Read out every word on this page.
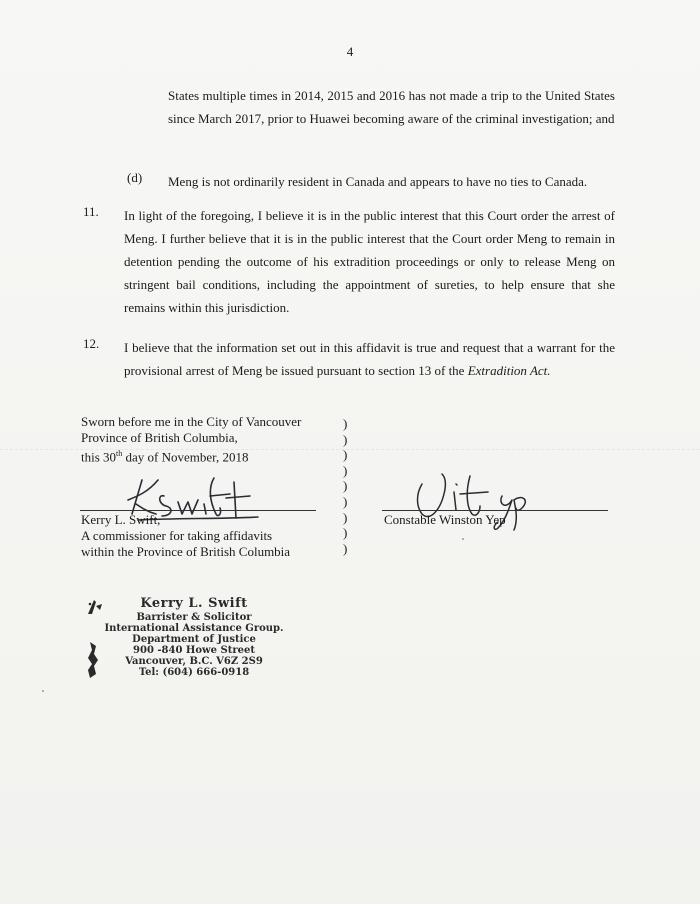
4
States multiple times in 2014, 2015 and 2016 has not made a trip to the United States since March 2017, prior to Huawei becoming aware of the criminal investigation; and
(d) Meng is not ordinarily resident in Canada and appears to have no ties to Canada.
11. In light of the foregoing, I believe it is in the public interest that this Court order the arrest of Meng. I further believe that it is in the public interest that the Court order Meng to remain in detention pending the outcome of his extradition proceedings or only to release Meng on stringent bail conditions, including the appointment of sureties, to help ensure that she remains within this jurisdiction.
12. I believe that the information set out in this affidavit is true and request that a warrant for the provisional arrest of Meng be issued pursuant to section 13 of the Extradition Act.
Sworn before me in the City of Vancouver
Province of British Columbia,
this 30th day of November, 2018
)
)
)
)
)
)
)
)
)
Kerry L. Swift,
A commissioner for taking affidavits
within the Province of British Columbia
Constable Winston Yep
Kerry L. Swift
Barrister & Solicitor
International Assistance Group.
Department of Justice
900 -840 Howe Street
Vancouver, B.C. V6Z 2S9
Tel: (604) 666-0918
